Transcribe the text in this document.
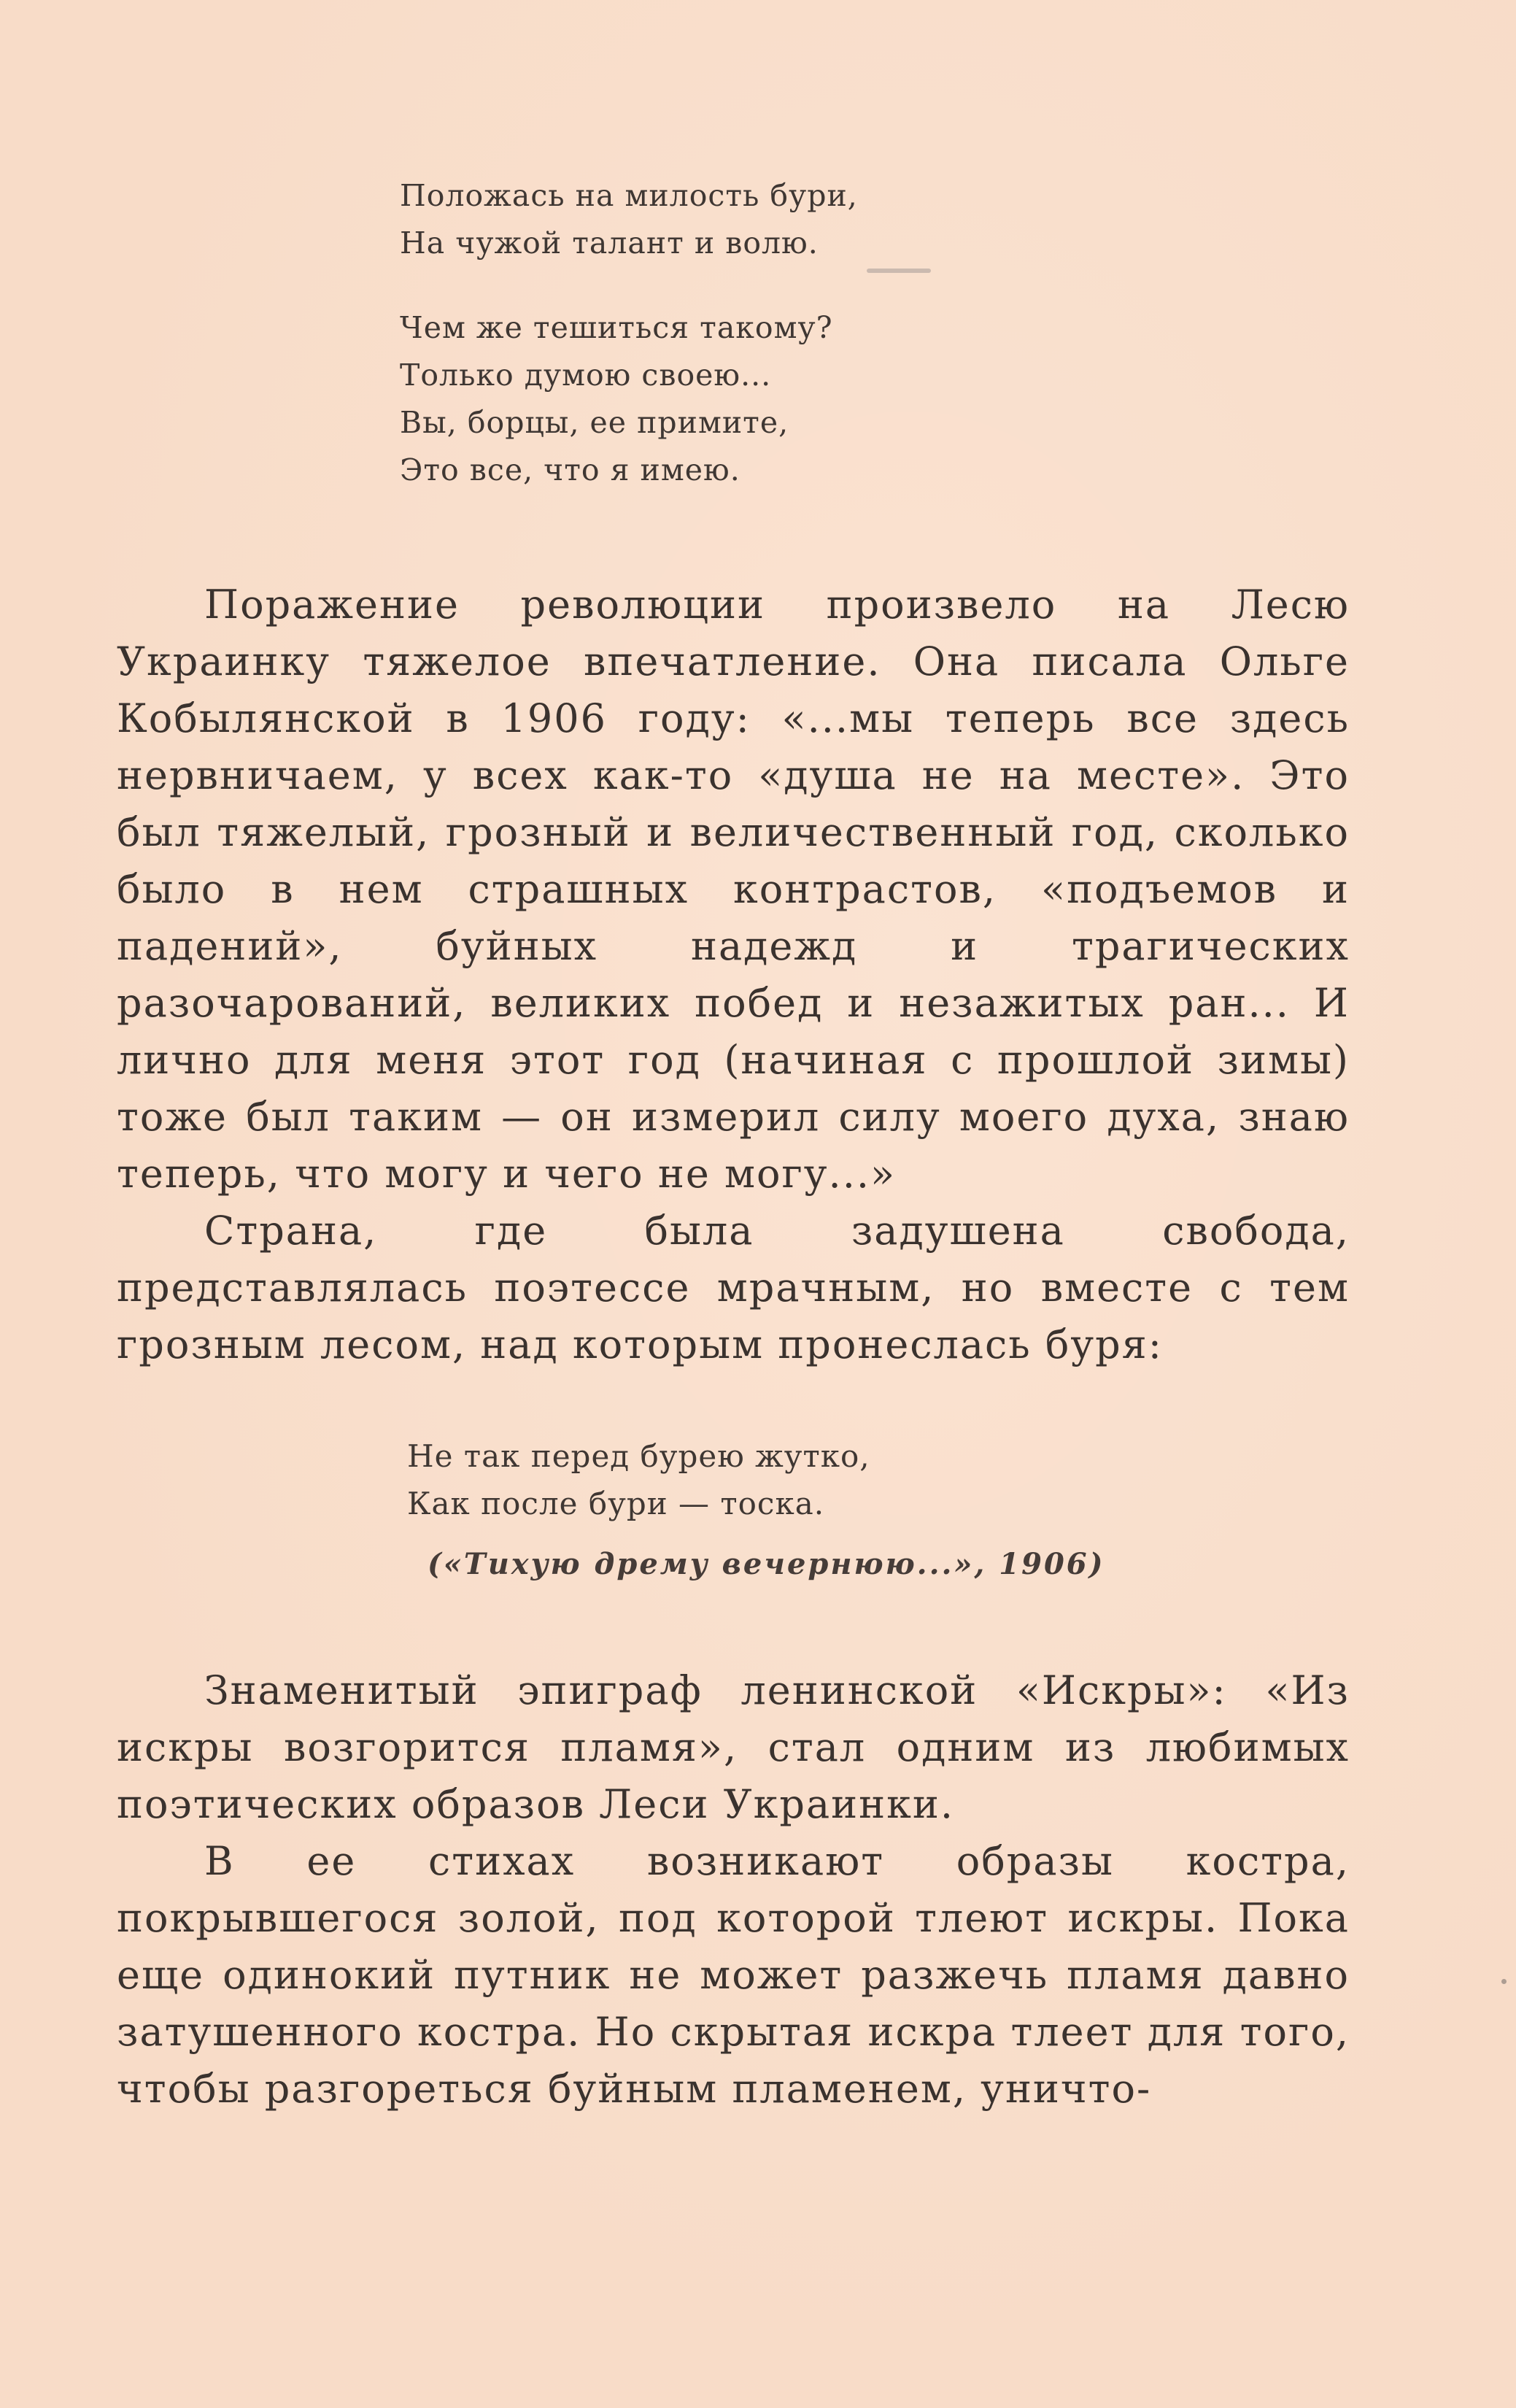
Положась на милость бури,
На чужой талант и волю.
Чем же тешиться такому?
Только думою своею...
Вы, борцы, ее примите,
Это все, что я имею.

Поражение революции произвело на Лесю Украинку тяжелое впечатление. Она писала Ольге Кобылянской в 1906 году: «...мы теперь все здесь нервничаем, у всех как-то «душа не на месте». Это был тяжелый, грозный и величественный год, сколько было в нем страшных контрастов, «подъемов и падений», буйных надежд и трагических разочарований, великих побед и незажитых ран... И лично для меня этот год (начиная с прошлой зимы) тоже был таким — он измерил силу моего духа, знаю теперь, что могу и чего не могу...»

Страна, где была задушена свобода, представлялась поэтессе мрачным, но вместе с тем грозным лесом, над которым пронеслась буря:

Не так перед бурею жутко,
Как после бури — тоска.
(«Тихую дрему вечернюю...», 1906)

Знаменитый эпиграф ленинской «Искры»: «Из искры возгорится пламя», стал одним из любимых поэтических образов Леси Украинки.

В ее стихах возникают образы костра, покрывшегося золой, под которой тлеют искры. Пока еще одинокий путник не может разжечь пламя давно затушенного костра. Но скрытая искра тлеет для того, чтобы разгореться буйным пламенем, уничто-
